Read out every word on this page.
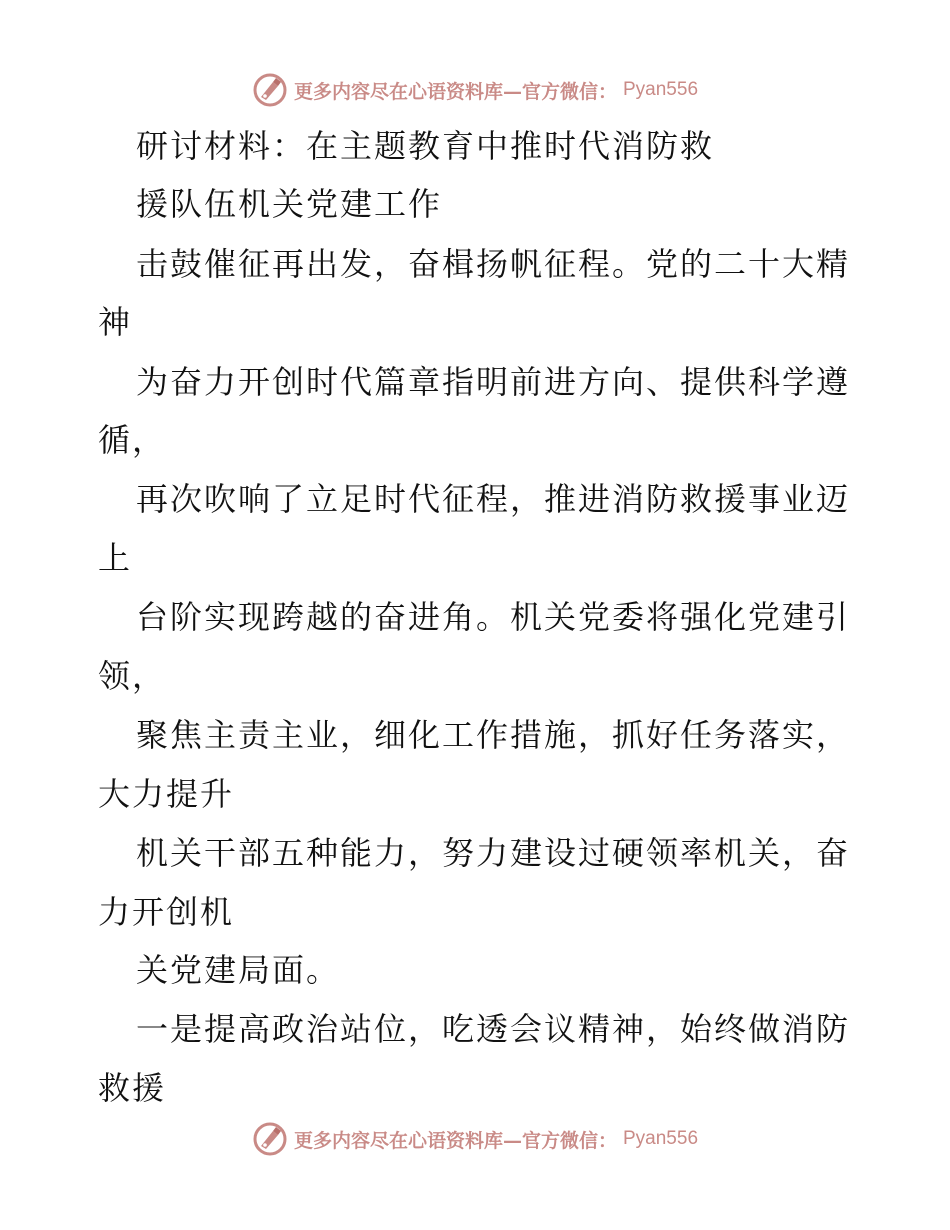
更多内容尽在心语资料库—官方微信： Pyan556
研讨材料：在主题教育中推时代消防救
援队伍机关党建工作
击鼓催征再出发，奋楫扬帆征程。党的二十大精
神
为奋力开创时代篇章指明前进方向、提供科学遵
循，
再次吹响了立足时代征程，推进消防救援事业迈
上
台阶实现跨越的奋进角。机关党委将强化党建引
领，
聚焦主责主业，细化工作措施，抓好任务落实，
大力提升
机关干部五种能力，努力建设过硬领率机关，奋
力开创机
关党建局面。
一是提高政治站位，吃透会议精神，始终做消防
救援
更多内容尽在心语资料库—官方微信： Pyan556
